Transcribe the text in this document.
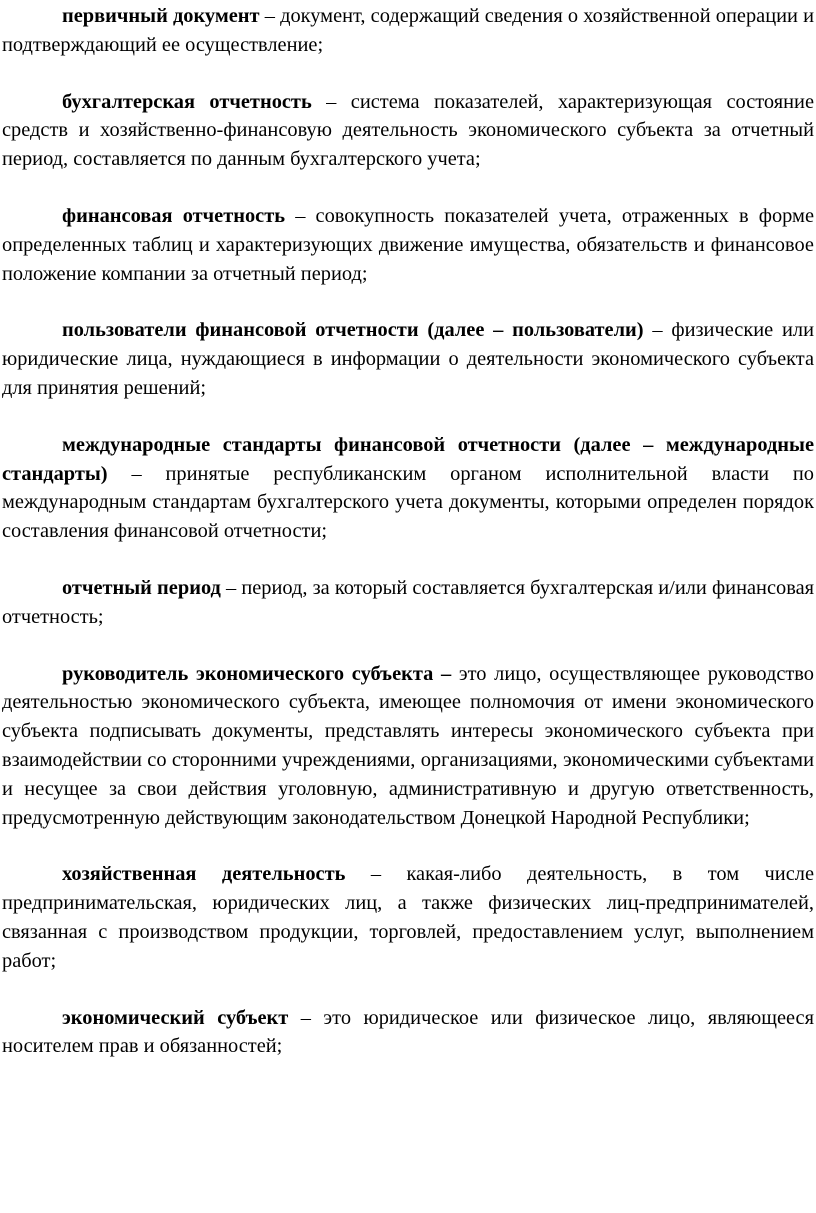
первичный документ – документ, содержащий сведения о хозяйственной операции и подтверждающий ее осуществление;

бухгалтерская отчетность – система показателей, характеризующая состояние средств и хозяйственно-финансовую деятельность экономического субъекта за отчетный период, составляется по данным бухгалтерского учета;

финансовая отчетность – совокупность показателей учета, отраженных в форме определенных таблиц и характеризующих движение имущества, обязательств и финансовое положение компании за отчетный период;

пользователи финансовой отчетности (далее – пользователи) – физические или юридические лица, нуждающиеся в информации о деятельности экономического субъекта для принятия решений;

международные стандарты финансовой отчетности (далее – международные стандарты) – принятые республиканским органом исполнительной власти по международным стандартам бухгалтерского учета документы, которыми определен порядок составления финансовой отчетности;

отчетный период – период, за который составляется бухгалтерская и/или финансовая отчетность;

руководитель экономического субъекта – это лицо, осуществляющее руководство деятельностью экономического субъекта, имеющее полномочия от имени экономического субъекта подписывать документы, представлять интересы экономического субъекта при взаимодействии со сторонними учреждениями, организациями, экономическими субъектами и несущее за свои действия уголовную, административную и другую ответственность, предусмотренную действующим законодательством Донецкой Народной Республики;

хозяйственная деятельность – какая-либо деятельность, в том числе предпринимательская, юридических лиц, а также физических лиц-предпринимателей, связанная с производством продукции, торговлей, предоставлением услуг, выполнением работ;

экономический субъект – это юридическое или физическое лицо, являющееся носителем прав и обязанностей;
